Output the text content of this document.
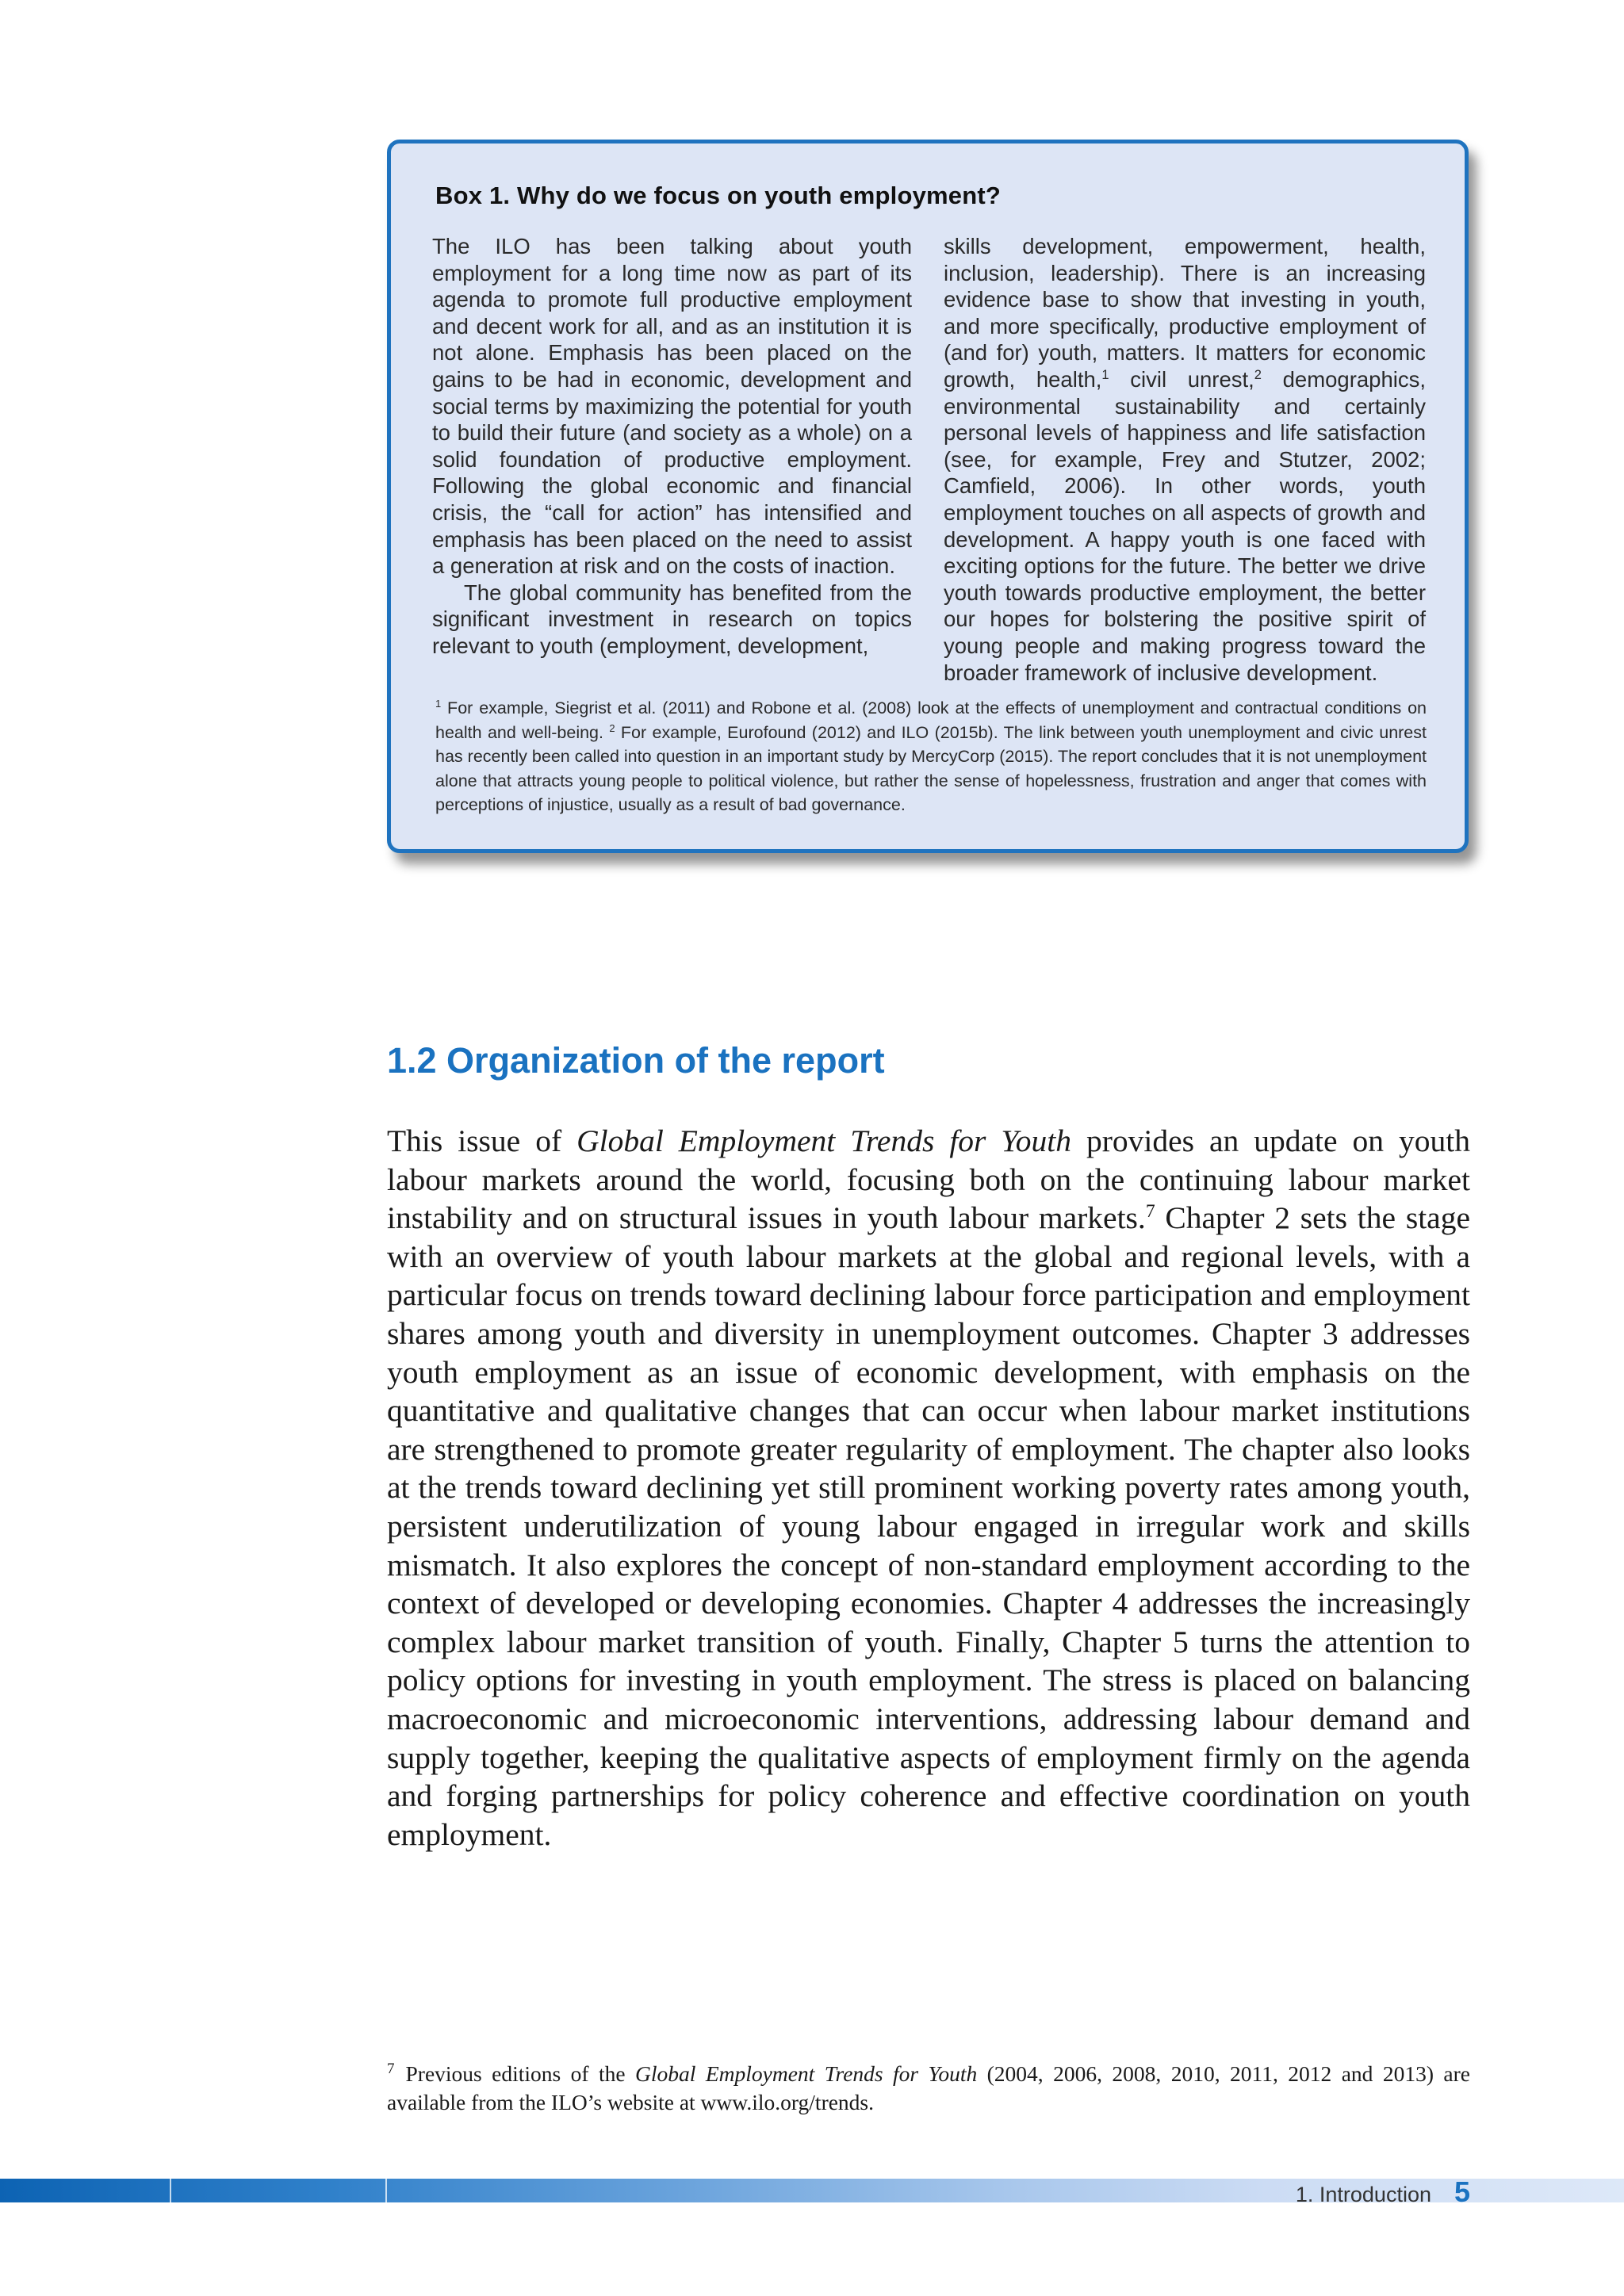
Box 1. Why do we focus on youth employment?

The ILO has been talking about youth employment for a long time now as part of its agenda to promote full productive employment and decent work for all, and as an institution it is not alone. Emphasis has been placed on the gains to be had in economic, development and social terms by maximizing the potential for youth to build their future (and society as a whole) on a solid foundation of productive employment. Following the global economic and financial crisis, the “call for action” has intensified and emphasis has been placed on the need to assist a generation at risk and on the costs of inaction.

The global community has benefited from the significant investment in research on topics relevant to youth (employment, development,

skills development, empowerment, health, inclusion, leadership). There is an increasing evidence base to show that investing in youth, and more specifically, productive employment of (and for) youth, matters. It matters for economic growth, health,$^1$ civil unrest,$^2$ demographics, environmental sustainability and certainly personal levels of happiness and life satisfaction (see, for example, Frey and Stutzer, 2002; Camfield, 2006). In other words, youth employment touches on all aspects of growth and development. A happy youth is one faced with exciting options for the future. The better we drive youth towards productive employment, the better our hopes for bolstering the positive spirit of young people and making progress toward the broader framework of inclusive development.

$^1$ For example, Siegrist et al. (2011) and Robone et al. (2008) look at the effects of unemployment and contractual conditions on health and well-being. $^2$ For example, Eurofound (2012) and ILO (2015b). The link between youth unemployment and civic unrest has recently been called into question in an important study by MercyCorp (2015). The report concludes that it is not unemployment alone that attracts young people to political violence, but rather the sense of hopelessness, frustration and anger that comes with perceptions of injustice, usually as a result of bad governance.

1.2 Organization of the report

This issue of Global Employment Trends for Youth provides an update on youth labour markets around the world, focusing both on the continuing labour market instability and on structural issues in youth labour markets.$^7$ Chapter 2 sets the stage with an overview of youth labour markets at the global and regional levels, with a particular focus on trends toward declining labour force participation and employment shares among youth and diversity in unemployment outcomes. Chapter 3 addresses youth employment as an issue of economic development, with emphasis on the quantitative and qualitative changes that can occur when labour market institutions are strengthened to promote greater regularity of employment. The chapter also looks at the trends toward declining yet still prominent working poverty rates among youth, persistent underutilization of young labour engaged in irregular work and skills mismatch. It also explores the concept of non-standard employment according to the context of developed or developing economies. Chapter 4 addresses the increasingly complex labour market transition of youth. Finally, Chapter 5 turns the attention to policy options for investing in youth employment. The stress is placed on balancing macroeconomic and microeconomic interventions, addressing labour demand and supply together, keeping the qualitative aspects of employment firmly on the agenda and forging partnerships for policy coherence and effective coordination on youth employment.

$^7$ Previous editions of the Global Employment Trends for Youth (2004, 2006, 2008, 2010, 2011, 2012 and 2013) are available from the ILO’s website at www.ilo.org/trends.

1. Introduction 5
